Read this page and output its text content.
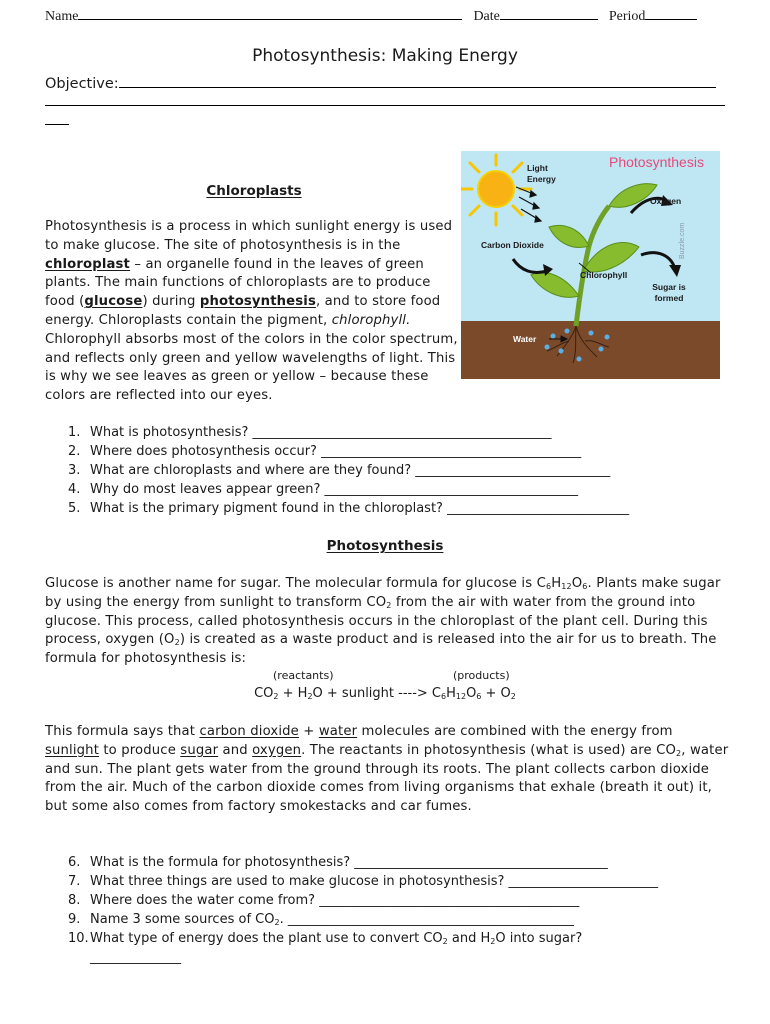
Name	Date	Period
Photosynthesis: Making Energy
Objective:
Chloroplasts
Photosynthesis is a process in which sunlight energy is used to make glucose. The site of photosynthesis is in the chloroplast – an organelle found in the leaves of green plants. The main functions of chloroplasts are to produce food (glucose) during photosynthesis, and to store food energy. Chloroplasts contain the pigment, chlorophyll. Chlorophyll absorbs most of the colors in the color spectrum, and reflects only green and yellow wavelengths of light. This is why we see leaves as green or yellow – because these colors are reflected into our eyes.
Photosynthesis
Light Energy
Oxygen
Carbon Dioxide
Chlorophyll
Sugar is formed
Water
Buzzle.com
1. What is photosynthesis? ______________________________________________
2. Where does photosynthesis occur? ________________________________________
3. What are chloroplasts and where are they found? ______________________________
4. Why do most leaves appear green? _______________________________________
5. What is the primary pigment found in the chloroplast? ____________________________
Photosynthesis
Glucose is another name for sugar. The molecular formula for glucose is $C_6H_{12}O_6$. Plants make sugar by using the energy from sunlight to transform $CO_2$ from the air with water from the ground into glucose. This process, called photosynthesis occurs in the chloroplast of the plant cell. During this process, oxygen $(O_2)$ is created as a waste product and is released into the air for us to breath. The formula for photosynthesis is:
(reactants)	(products)
$CO_2 + H_2O$ + sunlight ----> $C_6H_{12}O_6 + O_2$
This formula says that carbon dioxide + water molecules are combined with the energy from sunlight to produce sugar and oxygen. The reactants in photosynthesis (what is used) are $CO_2$, water and sun. The plant gets water from the ground through its roots. The plant collects carbon dioxide from the air. Much of the carbon dioxide comes from living organisms that exhale (breath it out) it, but some also comes from factory smokestacks and car fumes.
6. What is the formula for photosynthesis? _______________________________________
7. What three things are used to make glucose in photosynthesis? _______________________
8. Where does the water come from? ________________________________________
9. Name 3 some sources of $CO_2$. ____________________________________________
10.What type of energy does the plant use to convert $CO_2$ and $H_2O$ into sugar?
______________
